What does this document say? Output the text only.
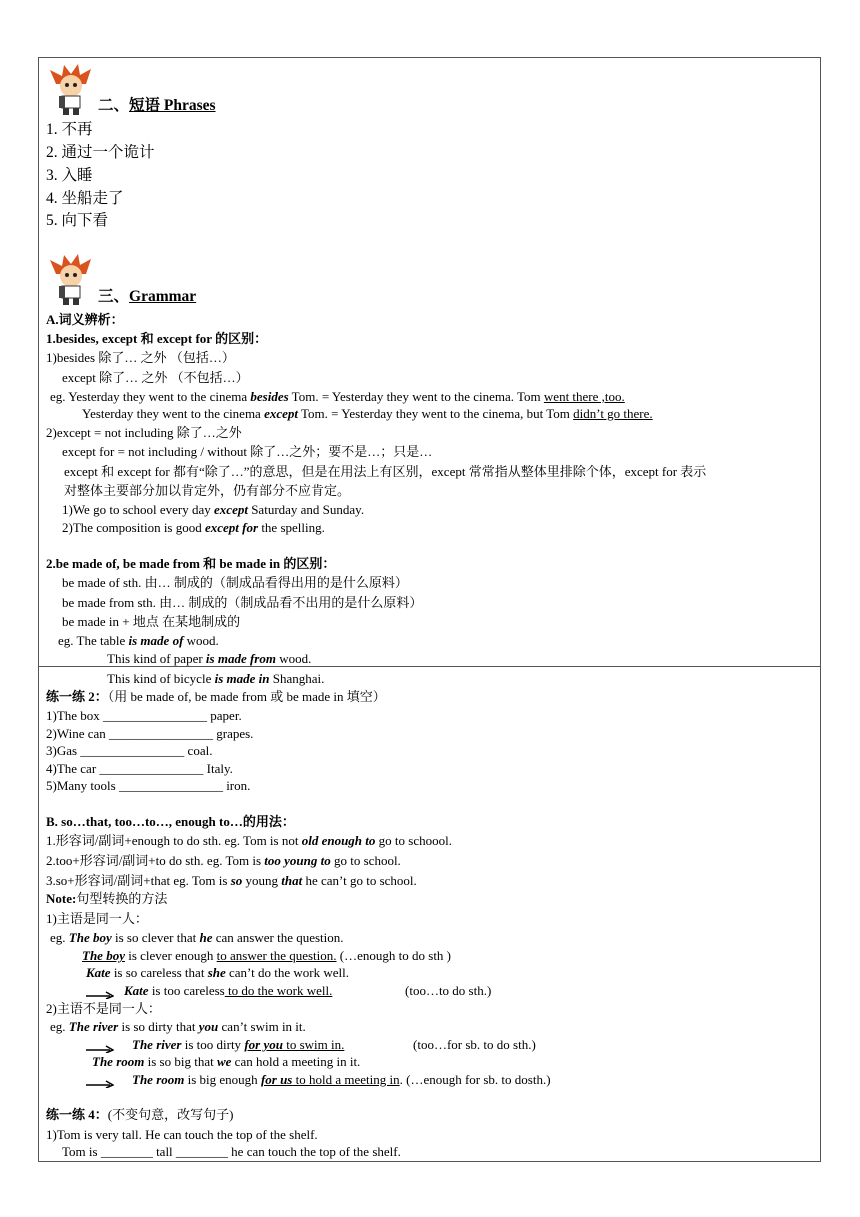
二、短语 Phrases
1. 不再
2. 通过一个诡计
3. 入睡
4. 坐船走了
5. 向下看
三、Grammar
A.词义辨析：
1.besides, except 和 except for 的区别：
1)besides 除了… 之外 （包括…）
except 除了… 之外 （不包括…）
eg. Yesterday they went to the cinema besides Tom. = Yesterday they went to the cinema. Tom went there ,too.
Yesterday they went to the cinema except Tom. = Yesterday they went to the cinema, but Tom didn’t go there.
2)except = not including 除了…之外
except for = not including / without 除了…之外；要不是…；只是…
except 和 except for 都有“除了…”的意思，但是在用法上有区别，except 常常指从整体里排除个体，except for 表示
对整体主要部分加以肯定外，仍有部分不应肯定。
1)We go to school every day except Saturday and Sunday.
2)The composition is good except for the spelling.
2.be made of, be made from 和 be made in 的区别：
be made of sth. 由… 制成的（制成品看得出用的是什么原料）
be made from sth. 由… 制成的（制成品看不出用的是什么原料）
be made in + 地点 在某地制成的
eg. The table is made of wood.
This kind of paper is made from wood.
This kind of bicycle is made in Shanghai.
练一练 2：（用 be made of, be made from 或 be made in 填空）
1)The box ________________ paper.
2)Wine can ________________ grapes.
3)Gas ________________ coal.
4)The car ________________ Italy.
5)Many tools ________________ iron.
B. so…that, too…to…, enough to…的用法：
1.形容词/副词+enough to do sth. eg. Tom is not old enough to go to schoool.
2.too+形容词/副词+to do sth. eg. Tom is too young to go to school.
3.so+形容词/副词+that eg. Tom is so young that he can’t go to school.
Note:句型转换的方法
1)主语是同一人：
eg. The boy is so clever that he can answer the question.
The boy is clever enough to answer the question. (…enough to do sth )
Kate is so careless that she can’t do the work well.
Kate is too careless to do the work well.	(too…to do sth.)
2)主语不是同一人：
eg. The river is so dirty that you can’t swim in it.
The river is too dirty for you to swim in.	(too…for sb. to do sth.)
The room is so big that we can hold a meeting in it.
The room is big enough for us to hold a meeting in. (…enough for sb. to dosth.)
练一练 4：(不变句意，改写句子)
1)Tom is very tall. He can touch the top of the shelf.
Tom is ________ tall ________ he can touch the top of the shelf.
